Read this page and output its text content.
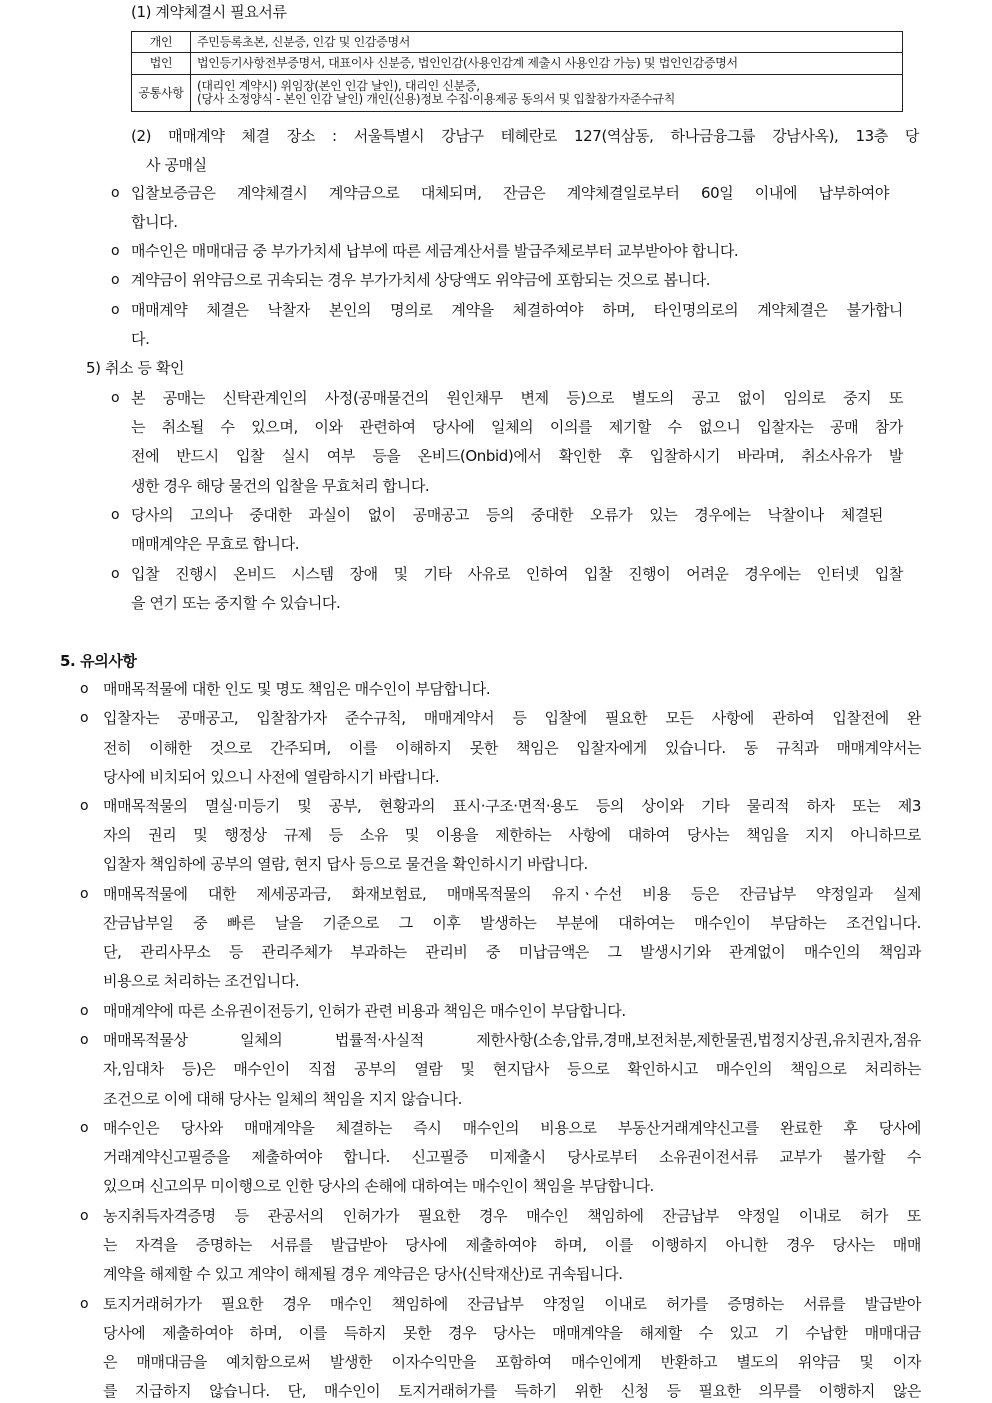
(1) 계약체결시 필요서류
개인	주민등록초본, 신분증, 인감 및 인감증명서
법인	법인등기사항전부증명서, 대표이사 신분증, 법인인감(사용인감계 제출시 사용인감 가능) 및 법인인감증명서
공통사항	(대리인 계약시) 위임장(본인 인감 날인), 대리인 신분증,
(당사 소정양식 - 본인 인감 날인) 개인(신용)정보 수집·이용제공 동의서 및 입찰참가자준수규칙
(2) 매매계약 체결 장소 : 서울특별시 강남구 테헤란로 127(역삼동, 하나금융그룹 강남사옥), 13층 당
사 공매실
o 입찰보증금은 계약체결시 계약금으로 대체되며, 잔금은 계약체결일로부터 60일 이내에 납부하여야
합니다.
o 매수인은 매매대금 중 부가가치세 납부에 따른 세금계산서를 발급주체로부터 교부받아야 합니다.
o 계약금이 위약금으로 귀속되는 경우 부가가치세 상당액도 위약금에 포함되는 것으로 봅니다.
o 매매계약 체결은 낙찰자 본인의 명의로 계약을 체결하여야 하며, 타인명의로의 계약체결은 불가합니
다.
5) 취소 등 확인
o 본 공매는 신탁관계인의 사정(공매물건의 원인채무 변제 등)으로 별도의 공고 없이 임의로 중지 또
는 취소될 수 있으며, 이와 관련하여 당사에 일체의 이의를 제기할 수 없으니 입찰자는 공매 참가
전에 반드시 입찰 실시 여부 등을 온비드(Onbid)에서 확인한 후 입찰하시기 바라며, 취소사유가 발
생한 경우 해당 물건의 입찰을 무효처리 합니다.
o 당사의 고의나 중대한 과실이 없이 공매공고 등의 중대한 오류가 있는 경우에는 낙찰이나 체결된
매매계약은 무효로 합니다.
o 입찰 진행시 온비드 시스템 장애 및 기타 사유로 인하여 입찰 진행이 어려운 경우에는 인터넷 입찰
을 연기 또는 중지할 수 있습니다.
5. 유의사항
o 매매목적물에 대한 인도 및 명도 책임은 매수인이 부담합니다.
o 입찰자는 공매공고, 입찰참가자 준수규칙, 매매계약서 등 입찰에 필요한 모든 사항에 관하여 입찰전에 완
전히 이해한 것으로 간주되며, 이를 이해하지 못한 책임은 입찰자에게 있습니다. 동 규칙과 매매계약서는
당사에 비치되어 있으니 사전에 열람하시기 바랍니다.
o 매매목적물의 멸실·미등기 및 공부, 현황과의 표시·구조·면적·용도 등의 상이와 기타 물리적 하자 또는 제3
자의 권리 및 행정상 규제 등 소유 및 이용을 제한하는 사항에 대하여 당사는 책임을 지지 아니하므로
입찰자 책임하에 공부의 열람, 현지 답사 등으로 물건을 확인하시기 바랍니다.
o 매매목적물에 대한 제세공과금, 화재보험료, 매매목적물의 유지ㆍ수선 비용 등은 잔금납부 약정일과 실제
잔금납부일 중 빠른 날을 기준으로 그 이후 발생하는 부분에 대하여는 매수인이 부담하는 조건입니다.
단, 관리사무소 등 관리주체가 부과하는 관리비 중 미납금액은 그 발생시기와 관계없이 매수인의 책임과
비용으로 처리하는 조건입니다.
o 매매계약에 따른 소유권이전등기, 인허가 관련 비용과 책임은 매수인이 부담합니다.
o 매매목적물상 일체의 법률적·사실적 제한사항(소송,압류,경매,보전처분,제한물권,법정지상권,유치권자,점유
자,임대차 등)은 매수인이 직접 공부의 열람 및 현지답사 등으로 확인하시고 매수인의 책임으로 처리하는
조건으로 이에 대해 당사는 일체의 책임을 지지 않습니다.
o 매수인은 당사와 매매계약을 체결하는 즉시 매수인의 비용으로 부동산거래계약신고를 완료한 후 당사에
거래계약신고필증을 제출하여야 합니다. 신고필증 미제출시 당사로부터 소유권이전서류 교부가 불가할 수
있으며 신고의무 미이행으로 인한 당사의 손해에 대하여는 매수인이 책임을 부담합니다.
o 농지취득자격증명 등 관공서의 인허가가 필요한 경우 매수인 책임하에 잔금납부 약정일 이내로 허가 또
는 자격을 증명하는 서류를 발급받아 당사에 제출하여야 하며, 이를 이행하지 아니한 경우 당사는 매매
계약을 해제할 수 있고 계약이 해제될 경우 계약금은 당사(신탁재산)로 귀속됩니다.
o 토지거래허가가 필요한 경우 매수인 책임하에 잔금납부 약정일 이내로 허가를 증명하는 서류를 발급받아
당사에 제출하여야 하며, 이를 득하지 못한 경우 당사는 매매계약을 해제할 수 있고 기 수납한 매매대금
은 매매대금을 예치함으로써 발생한 이자수익만을 포함하여 매수인에게 반환하고 별도의 위약금 및 이자
를 지급하지 않습니다. 단, 매수인이 토지거래허가를 득하기 위한 신청 등 필요한 의무를 이행하지 않은
